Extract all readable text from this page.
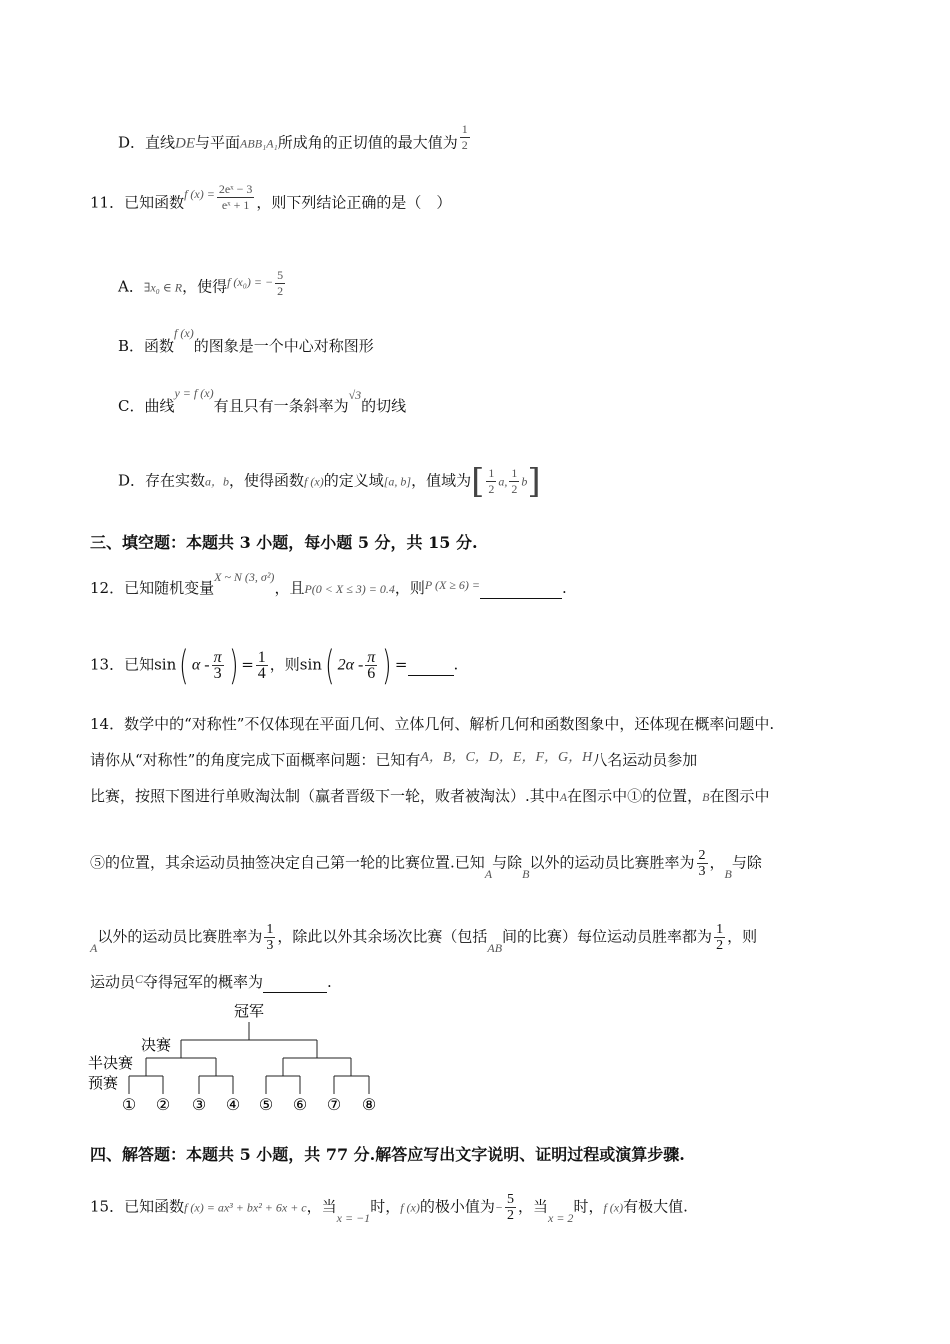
D．直线DE与平面ABB₁A₁所成角的正切值的最大值为 $\frac{1}{2}$
11．已知函数$^{f (x) =} \frac{\text{2eˣ − 3}}{\text{eˣ + 1}}$ ，则下列结论正确的是（　）
A．∃x₀ ∈ R，使得$^{f (x_0) = -} \frac{5}{2}$
B．函数$^{f (x)}$的图象是一个中心对称图形
C．曲线$^{y = f (x)}$有且只有一条斜率为$^{√3}$的切线
D．存在实数a，b，使得函数f (x)的定义域[a, b]，值域为[ $\frac{1}{2} a$, $\frac{1}{2} b$]
三、填空题：本题共 3 小题，每小题 5 分，共 15 分.
12．已知随机变量$^{X \sim N (3, \sigma^2)}$，且P(0 < X ≤ 3) = 0.4，则$^{P (X \ge 6) =}$	.
13．已知sin( α - $\frac{\pi}{3}$ ) = $\frac{1}{4}$ ，则sin( $2\alpha - \frac{\pi}{6}$ ) =	.
14．数学中的“对称性”不仅体现在平面几何、立体几何、解析几何和函数图象中，还体现在概率问题中.
请你从“对称性”的角度完成下面概率问题：已知有A，B，C，D，E，F，G，H八名运动员参加
比赛，按照下图进行单败淘汰制（赢者晋级下一轮，败者被淘汰）.其中A在图示中①的位置，B在图示中
⑤的位置，其余运动员抽签决定自己第一轮的比赛位置.已知$_A$与除$_B$以外的运动员比赛胜率为 $\frac{2}{3}$ ，$_B$与除
$_A$以外的运动员比赛胜率为 $\frac{1}{3}$ ，除此以外其余场次比赛（包括$_{AB}$间的比赛）每位运动员胜率都为 $\frac{1}{2}$ ，则
运动员$^C$夺得冠军的概率为	.
冠军
决赛
半决赛
预赛
① ② ③ ④ ⑤ ⑥ ⑦ ⑧
四、解答题：本题共 5 小题，共 77 分.解答应写出文字说明、证明过程或演算步骤.
15．已知函数f (x) = ax³ + bx² + 6x + c，当$_{x = -1}$时，f (x)的极小值为− $\frac{5}{2}$ ，当$_{x = 2}$时，f (x)有极大值.
